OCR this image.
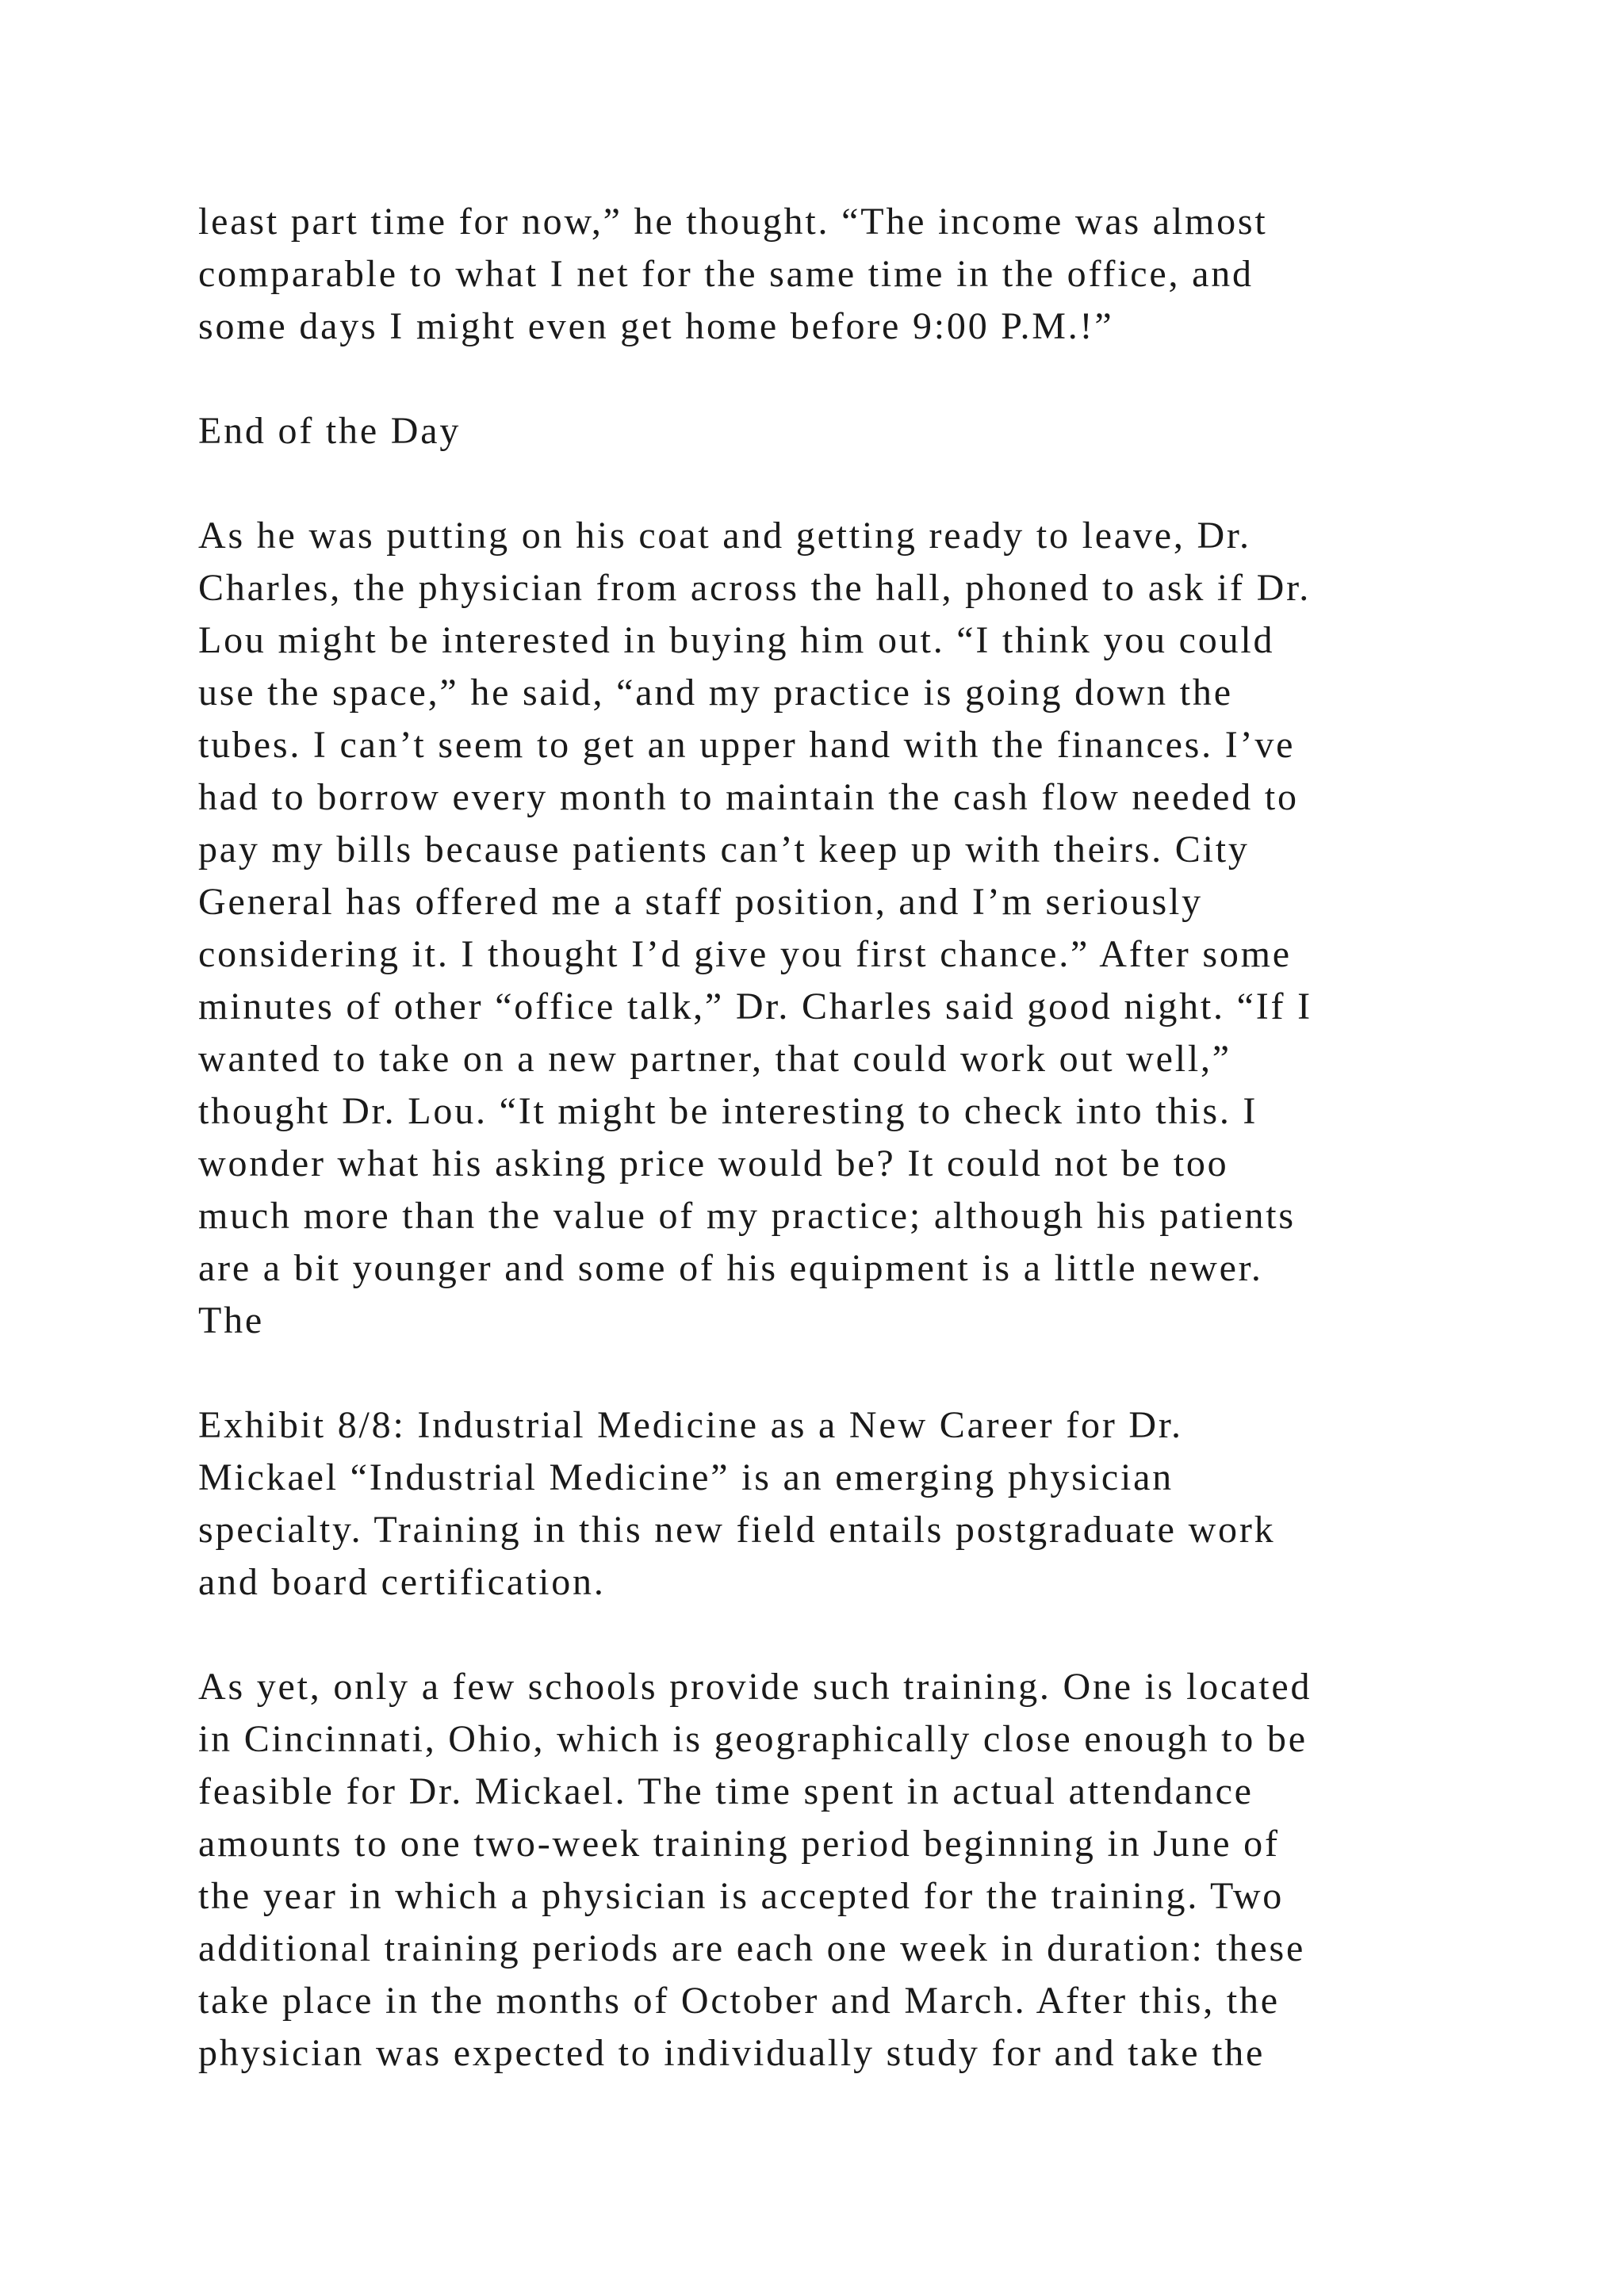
least part time for now,” he thought. “The income was almost
comparable to what I net for the same time in the office, and
some days I might even get home before 9:00 P.M.!”
End of the Day
As he was putting on his coat and getting ready to leave, Dr.
Charles, the physician from across the hall, phoned to ask if Dr.
Lou might be interested in buying him out. “I think you could
use the space,” he said, “and my practice is going down the
tubes. I can’t seem to get an upper hand with the finances. I’ve
had to borrow every month to maintain the cash flow needed to
pay my bills because patients can’t keep up with theirs. City
General has offered me a staff position, and I’m seriously
considering it. I thought I’d give you first chance.” After some
minutes of other “office talk,” Dr. Charles said good night. “If I
wanted to take on a new partner, that could work out well,”
thought Dr. Lou. “It might be interesting to check into this. I
wonder what his asking price would be? It could not be too
much more than the value of my practice; although his patients
are a bit younger and some of his equipment is a little newer.
The
Exhibit 8/8: Industrial Medicine as a New Career for Dr.
Mickael “Industrial Medicine” is an emerging physician
specialty. Training in this new field entails postgraduate work
and board certification.
As yet, only a few schools provide such training. One is located
in Cincinnati, Ohio, which is geographically close enough to be
feasible for Dr. Mickael. The time spent in actual attendance
amounts to one two-week training period beginning in June of
the year in which a physician is accepted for the training. Two
additional training periods are each one week in duration: these
take place in the months of October and March. After this, the
physician was expected to individually study for and take the
